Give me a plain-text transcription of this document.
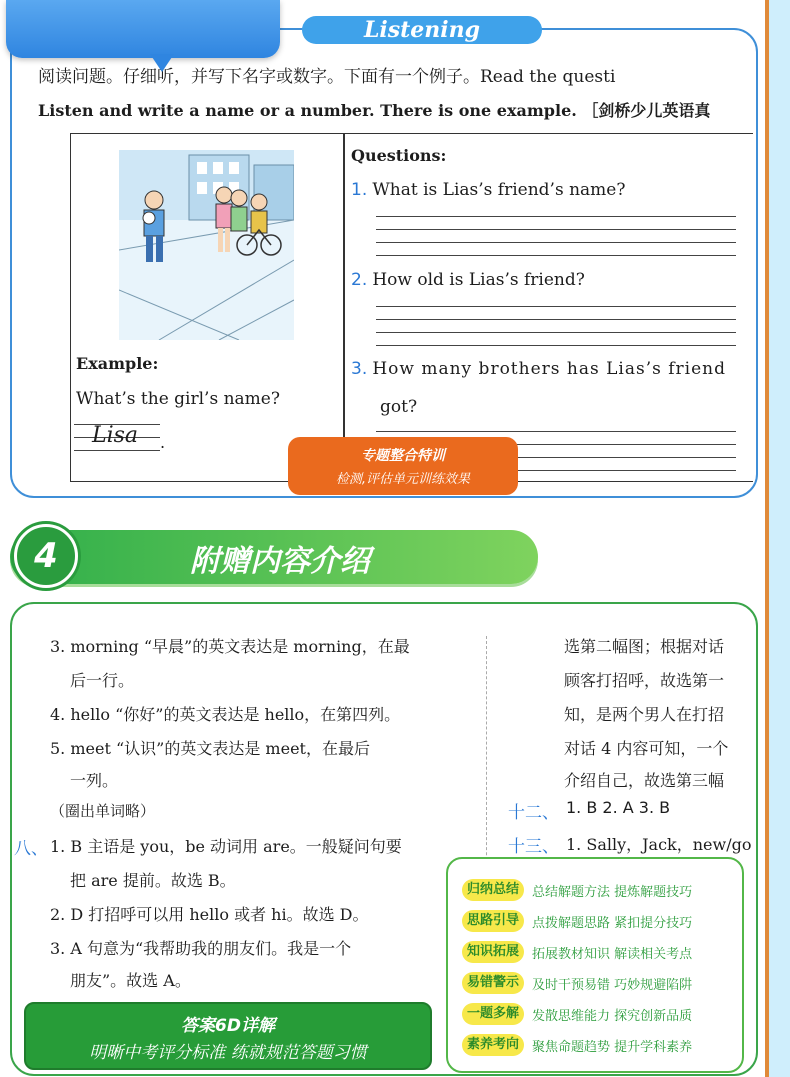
Listening
阅读问题。仔细听，并写下名字或数字。下面有一个例子。Read the questi
Listen and write a name or a number. There is one example. ［剑桥少儿英语真
Example:
What’s the girl’s name?
Lisa .
Questions:
1. What is Lias’s friend’s name?
2. How old is Lias’s friend?
3. How many brothers has Lias’s friend
got?
专题整合特训
检测,评估单元训练效果
4	附赠内容介绍
3. morning “早晨”的英文表达是 morning，在最
后一行。
4. hello “你好”的英文表达是 hello，在第四列。
5. meet “认识”的英文表达是 meet，在最后
一列。
（圈出单词略）
八、 1. B 主语是 you，be 动词用 are。一般疑问句要
把 are 提前。故选 B。
2. D 打招呼可以用 hello 或者 hi。故选 D。
3. A 句意为“我帮助我的朋友们。我是一个
朋友”。故选 A。
选第二幅图；根据对话
顾客打招呼，故选第一
知，是两个男人在打招
对话 4 内容可知，一个
介绍自己，故选第三幅
十二、 1. B 2. A 3. B
十三、 1. Sally，Jack，new/go
归纳总结 总结解题方法 提炼解题技巧
思路引导 点拨解题思路 紧扣提分技巧
知识拓展 拓展教材知识 解读相关考点
易错警示 及时干预易错 巧妙规避陷阱
一题多解 发散思维能力 探究创新品质
素养考向 聚焦命题趋势 提升学科素养
答案6D详解
明晰中考评分标准 练就规范答题习惯
